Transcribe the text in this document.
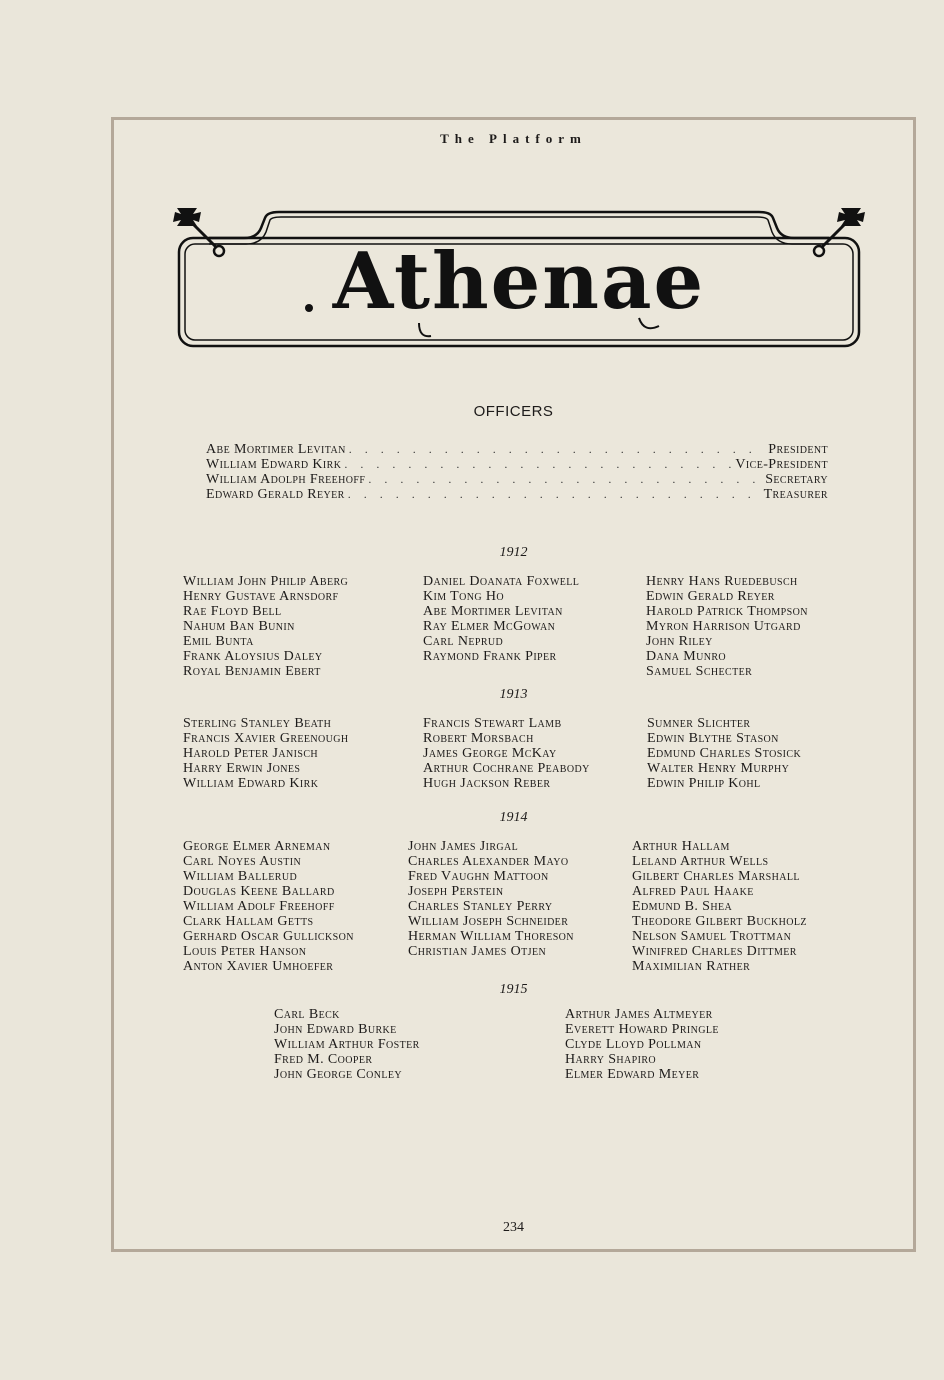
The Platform
Athenae
OFFICERS
Abe Mortimer Levitan . . .	President
William Edward Kirk . . .	Vice-President
William Adolph Freehoff . . .	Secretary
Edward Gerald Reyer . . .	Treasurer
1912
William John Philip Aberg
Henry Gustave Arnsdorf
Rae Floyd Bell
Nahum Ban Bunin
Emil Bunta
Frank Aloysius Daley
Royal Benjamin Ebert
Daniel Doanata Foxwell
Kim Tong Ho
Abe Mortimer Levitan
Ray Elmer McGowan
Carl Neprud
Raymond Frank Piper
Henry Hans Ruedebusch
Edwin Gerald Reyer
Harold Patrick Thompson
Myron Harrison Utgard
John Riley
Dana Munro
Samuel Schecter
1913
Sterling Stanley Beath
Francis Xavier Greenough
Harold Peter Janisch
Harry Erwin Jones
William Edward Kirk
Francis Stewart Lamb
Robert Morsbach
James George McKay
Arthur Cochrane Peabody
Hugh Jackson Reber
Sumner Slichter
Edwin Blythe Stason
Edmund Charles Stosick
Walter Henry Murphy
Edwin Philip Kohl
1914
George Elmer Arneman
Carl Noyes Austin
William Ballerud
Douglas Keene Ballard
William Adolf Freehoff
Clark Hallam Getts
Gerhard Oscar Gullickson
Louis Peter Hanson
Anton Xavier Umhoefer
John James Jirgal
Charles Alexander Mayo
Fred Vaughn Mattoon
Joseph Perstein
Charles Stanley Perry
William Joseph Schneider
Herman William Thoreson
Christian James Otjen
Arthur Hallam
Leland Arthur Wells
Gilbert Charles Marshall
Alfred Paul Haake
Edmund B. Shea
Theodore Gilbert Buckholz
Nelson Samuel Trottman
Winifred Charles Dittmer
Maximilian Rather
1915
Carl Beck
John Edward Burke
William Arthur Foster
Fred M. Cooper
John George Conley
Arthur James Altmeyer
Everett Howard Pringle
Clyde Lloyd Pollman
Harry Shapiro
Elmer Edward Meyer
234
